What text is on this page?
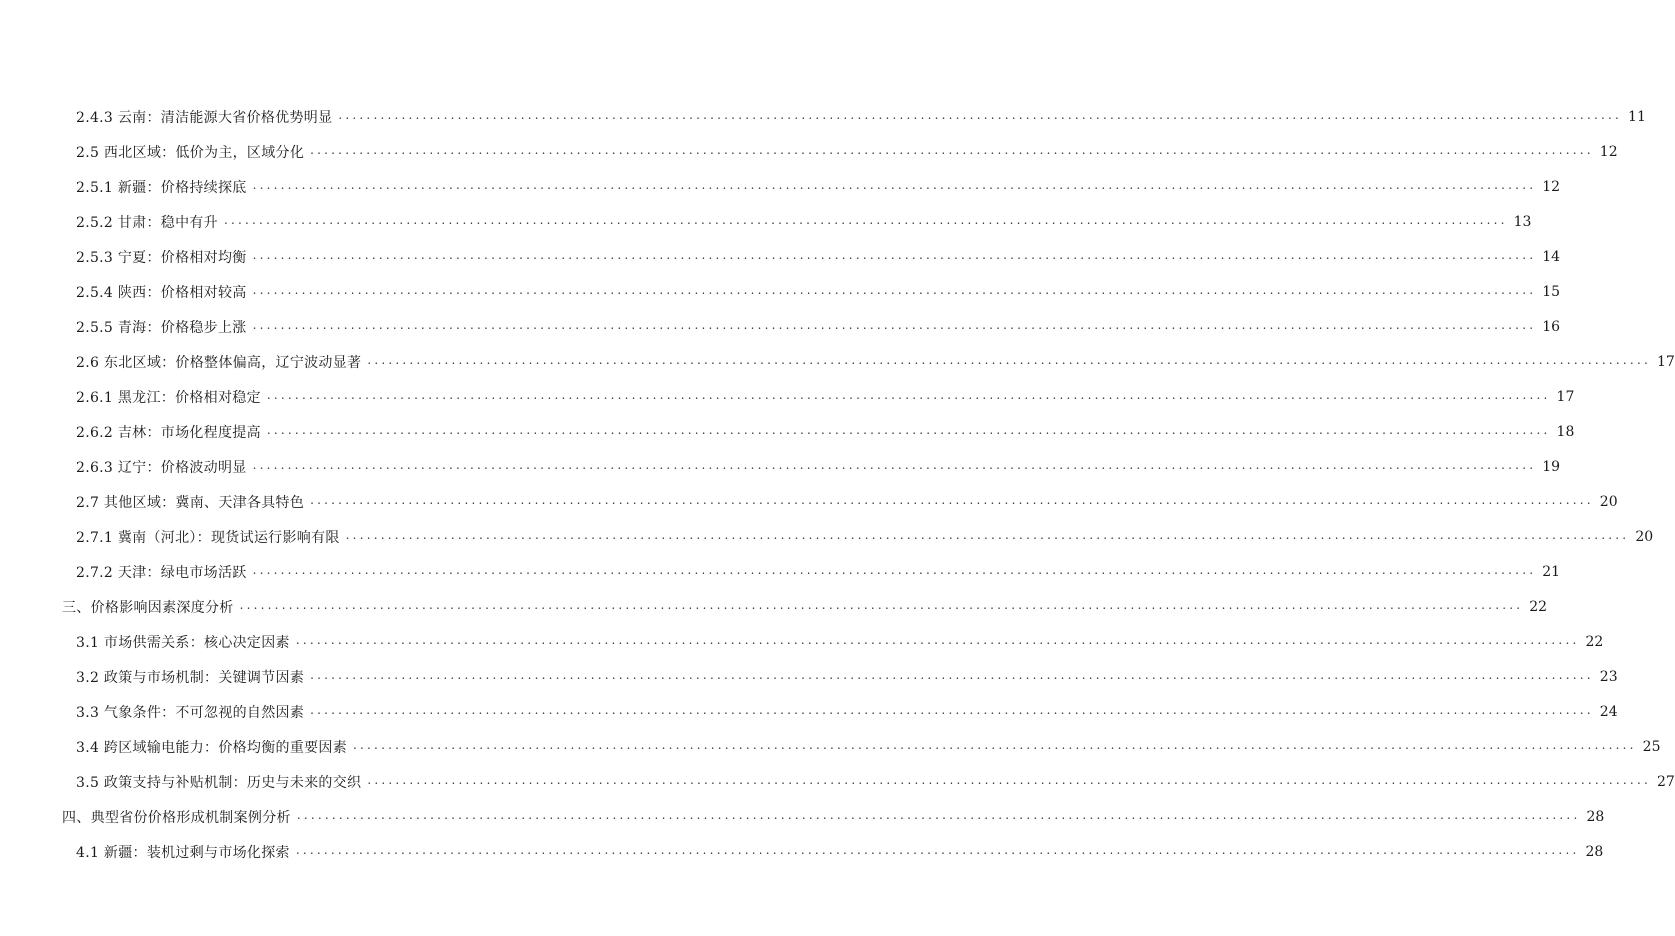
2.4.3 云南：清洁能源大省价格优势明显 .....	11
2.5 西北区域：低价为主，区域分化 .....	12
2.5.1 新疆：价格持续探底 .....	12
2.5.2 甘肃：稳中有升 .....	13
2.5.3 宁夏：价格相对均衡 .....	14
2.5.4 陕西：价格相对较高 .....	15
2.5.5 青海：价格稳步上涨 .....	16
2.6 东北区域：价格整体偏高，辽宁波动显著 .....	17
2.6.1 黑龙江：价格相对稳定 .....	17
2.6.2 吉林：市场化程度提高 .....	18
2.6.3 辽宁：价格波动明显 .....	19
2.7 其他区域：冀南、天津各具特色 .....	20
2.7.1 冀南（河北）：现货试运行影响有限 .....	20
2.7.2 天津：绿电市场活跃 .....	21
三、价格影响因素深度分析 .....	22
3.1 市场供需关系：核心决定因素 .....	22
3.2 政策与市场机制：关键调节因素 .....	23
3.3 气象条件：不可忽视的自然因素 .....	24
3.4 跨区域输电能力：价格均衡的重要因素 .....	25
3.5 政策支持与补贴机制：历史与未来的交织 .....	27
四、典型省份价格形成机制案例分析 .....	28
4.1 新疆：装机过剩与市场化探索 .....	28
